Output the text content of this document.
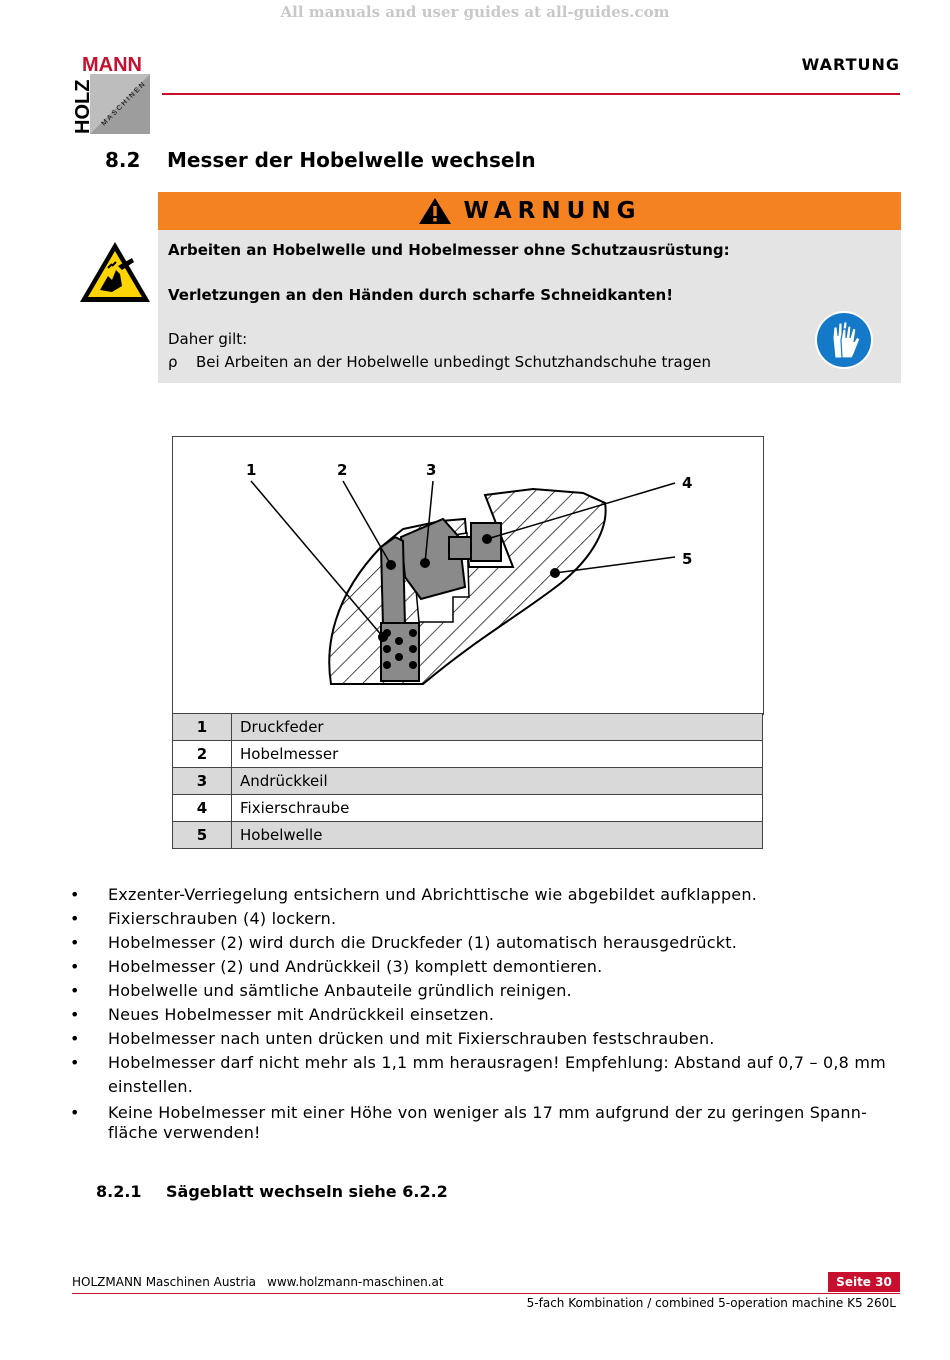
All manuals and user guides at all-guides.com
MANN
HOLZ MASCHINEN
WARTUNG
8.2 Messer der Hobelwelle wechseln
WARNUNG
Arbeiten an Hobelwelle und Hobelmesser ohne Schutzausrüstung:
Verletzungen an den Händen durch scharfe Schneidkanten!
Daher gilt:
ρ Bei Arbeiten an der Hobelwelle unbedingt Schutzhandschuhe tragen
1	2	3
4
5
1	Druckfeder
2	Hobelmesser
3	Andrückkeil
4	Fixierschraube
5	Hobelwelle
• Exzenter-Verriegelung entsichern und Abrichttische wie abgebildet aufklappen.
• Fixierschrauben (4) lockern.
• Hobelmesser (2) wird durch die Druckfeder (1) automatisch herausgedrückt.
• Hobelmesser (2) und Andrückkeil (3) komplett demontieren.
• Hobelwelle und sämtliche Anbauteile gründlich reinigen.
• Neues Hobelmesser mit Andrückkeil einsetzen.
• Hobelmesser nach unten drücken und mit Fixierschrauben festschrauben.
• Hobelmesser darf nicht mehr als 1,1 mm herausragen! Empfehlung: Abstand auf 0,7 – 0,8 mm einstellen.
• Keine Hobelmesser mit einer Höhe von weniger als 17 mm aufgrund der zu geringen Spann-fläche verwenden!
8.2.1 Sägeblatt wechseln siehe 6.2.2
HOLZMANN Maschinen Austria www.holzmann-maschinen.at	Seite 30
5-fach Kombination / combined 5-operation machine K5 260L
